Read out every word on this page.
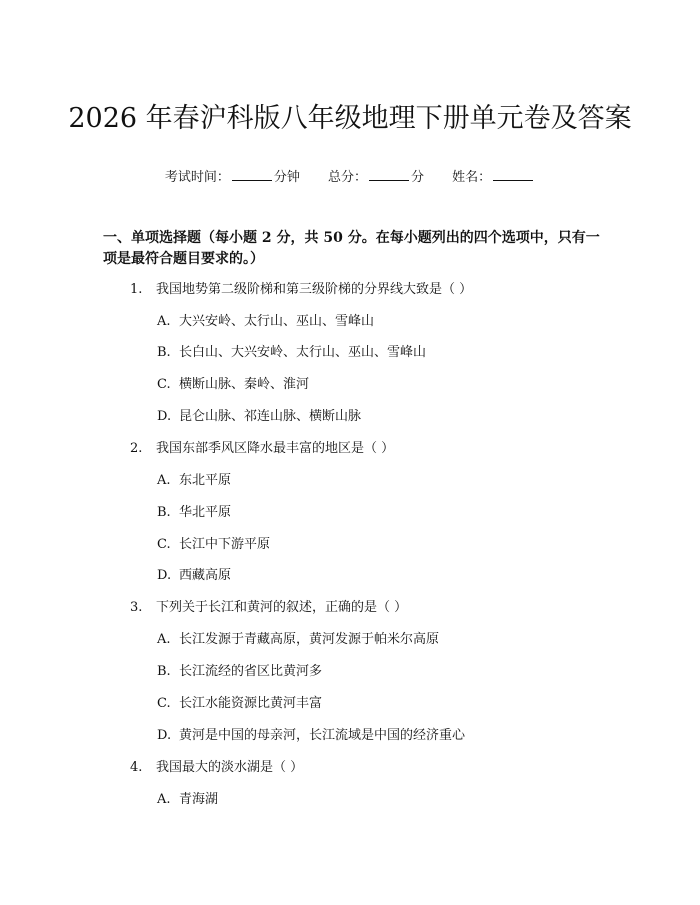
2026 年春沪科版八年级地理下册单元卷及答案
考试时间：	分钟 总分：	分 姓名：
一、单项选择题（每小题 2 分，共 50 分。在每小题列出的四个选项中，只有一项是最符合题目要求的。）
1. 我国地势第二级阶梯和第三级阶梯的分界线大致是（ ）
A. 大兴安岭、太行山、巫山、雪峰山
B. 长白山、大兴安岭、太行山、巫山、雪峰山
C. 横断山脉、秦岭、淮河
D. 昆仑山脉、祁连山脉、横断山脉
2. 我国东部季风区降水最丰富的地区是（ ）
A. 东北平原
B. 华北平原
C. 长江中下游平原
D. 西藏高原
3. 下列关于长江和黄河的叙述，正确的是（ ）
A. 长江发源于青藏高原，黄河发源于帕米尔高原
B. 长江流经的省区比黄河多
C. 长江水能资源比黄河丰富
D. 黄河是中国的母亲河，长江流域是中国的经济重心
4. 我国最大的淡水湖是（ ）
A. 青海湖
